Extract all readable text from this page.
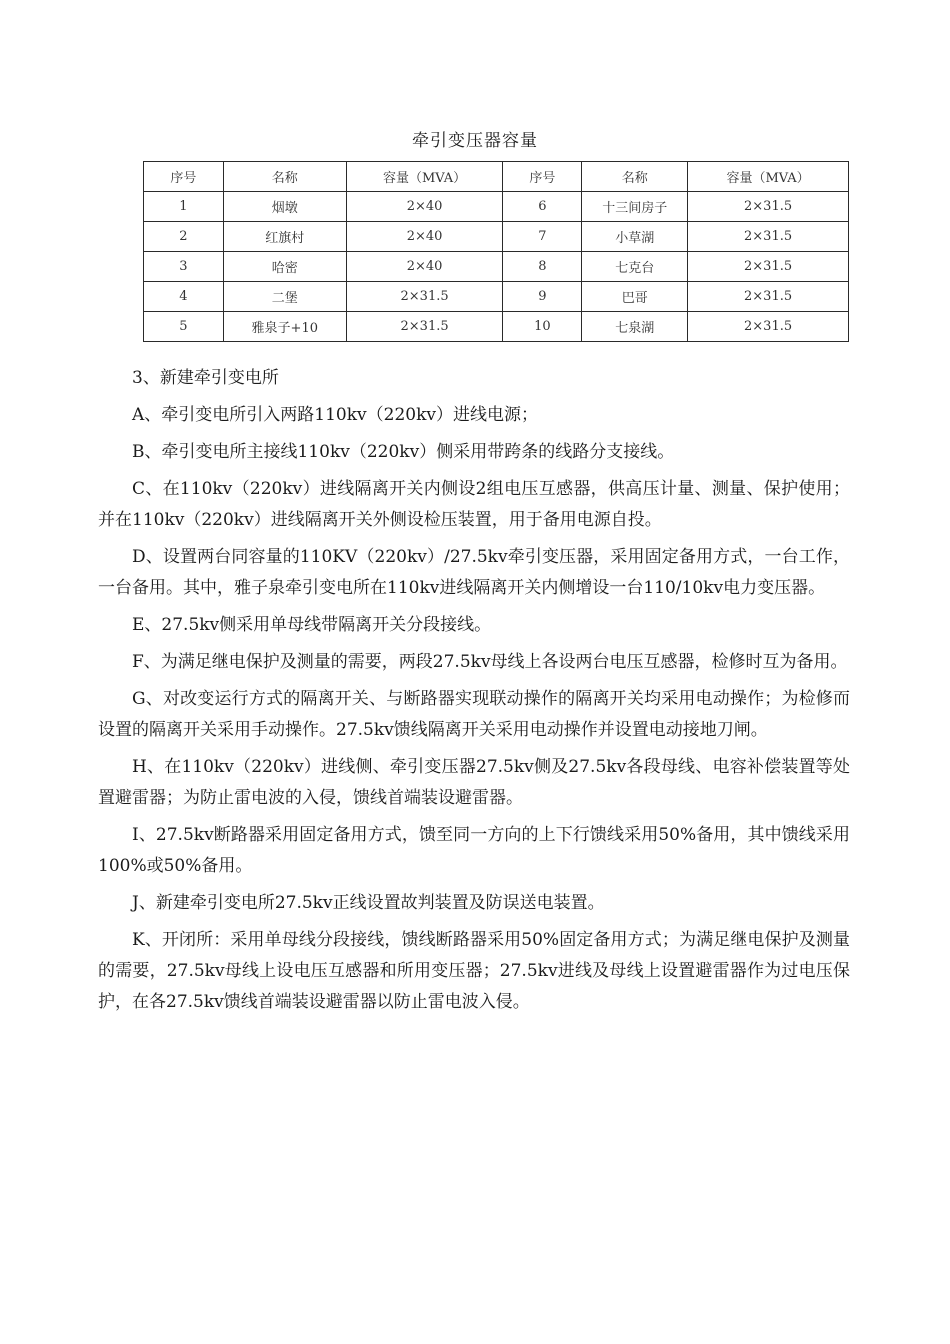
牵引变压器容量
序号	名称	容量（MVA）	序号	名称	容量（MVA）
1	烟墩	2×40	6	十三间房子	2×31.5
2	红旗村	2×40	7	小草湖	2×31.5
3	哈密	2×40	8	七克台	2×31.5
4	二堡	2×31.5	9	巴哥	2×31.5
5	雅泉子+10	2×31.5	10	七泉湖	2×31.5

3、新建牵引变电所

A、牵引变电所引入两路110kv（220kv）进线电源；

B、牵引变电所主接线110kv（220kv）侧采用带跨条的线路分支接线。

C、在110kv（220kv）进线隔离开关内侧设2组电压互感器，供高压计量、测量、保护使用；并在110kv（220kv）进线隔离开关外侧设检压装置，用于备用电源自投。

D、设置两台同容量的110KV（220kv）/27.5kv牵引变压器，采用固定备用方式，一台工作，一台备用。其中，雅子泉牵引变电所在110kv进线隔离开关内侧增设一台110/10kv电力变压器。

E、27.5kv侧采用单母线带隔离开关分段接线。

F、为满足继电保护及测量的需要，两段27.5kv母线上各设两台电压互感器，检修时互为备用。

G、对改变运行方式的隔离开关、与断路器实现联动操作的隔离开关均采用电动操作；为检修而设置的隔离开关采用手动操作。27.5kv馈线隔离开关采用电动操作并设置电动接地刀闸。

H、在110kv（220kv）进线侧、牵引变压器27.5kv侧及27.5kv各段母线、电容补偿装置等处置避雷器；为防止雷电波的入侵，馈线首端装设避雷器。

I、27.5kv断路器采用固定备用方式，馈至同一方向的上下行馈线采用50%备用，其中馈线采用100%或50%备用。

J、新建牵引变电所27.5kv正线设置故判装置及防误送电装置。

K、开闭所：采用单母线分段接线，馈线断路器采用50%固定备用方式；为满足继电保护及测量的需要，27.5kv母线上设电压互感器和所用变压器；27.5kv进线及母线上设置避雷器作为过电压保护，在各27.5kv馈线首端装设避雷器以防止雷电波入侵。
